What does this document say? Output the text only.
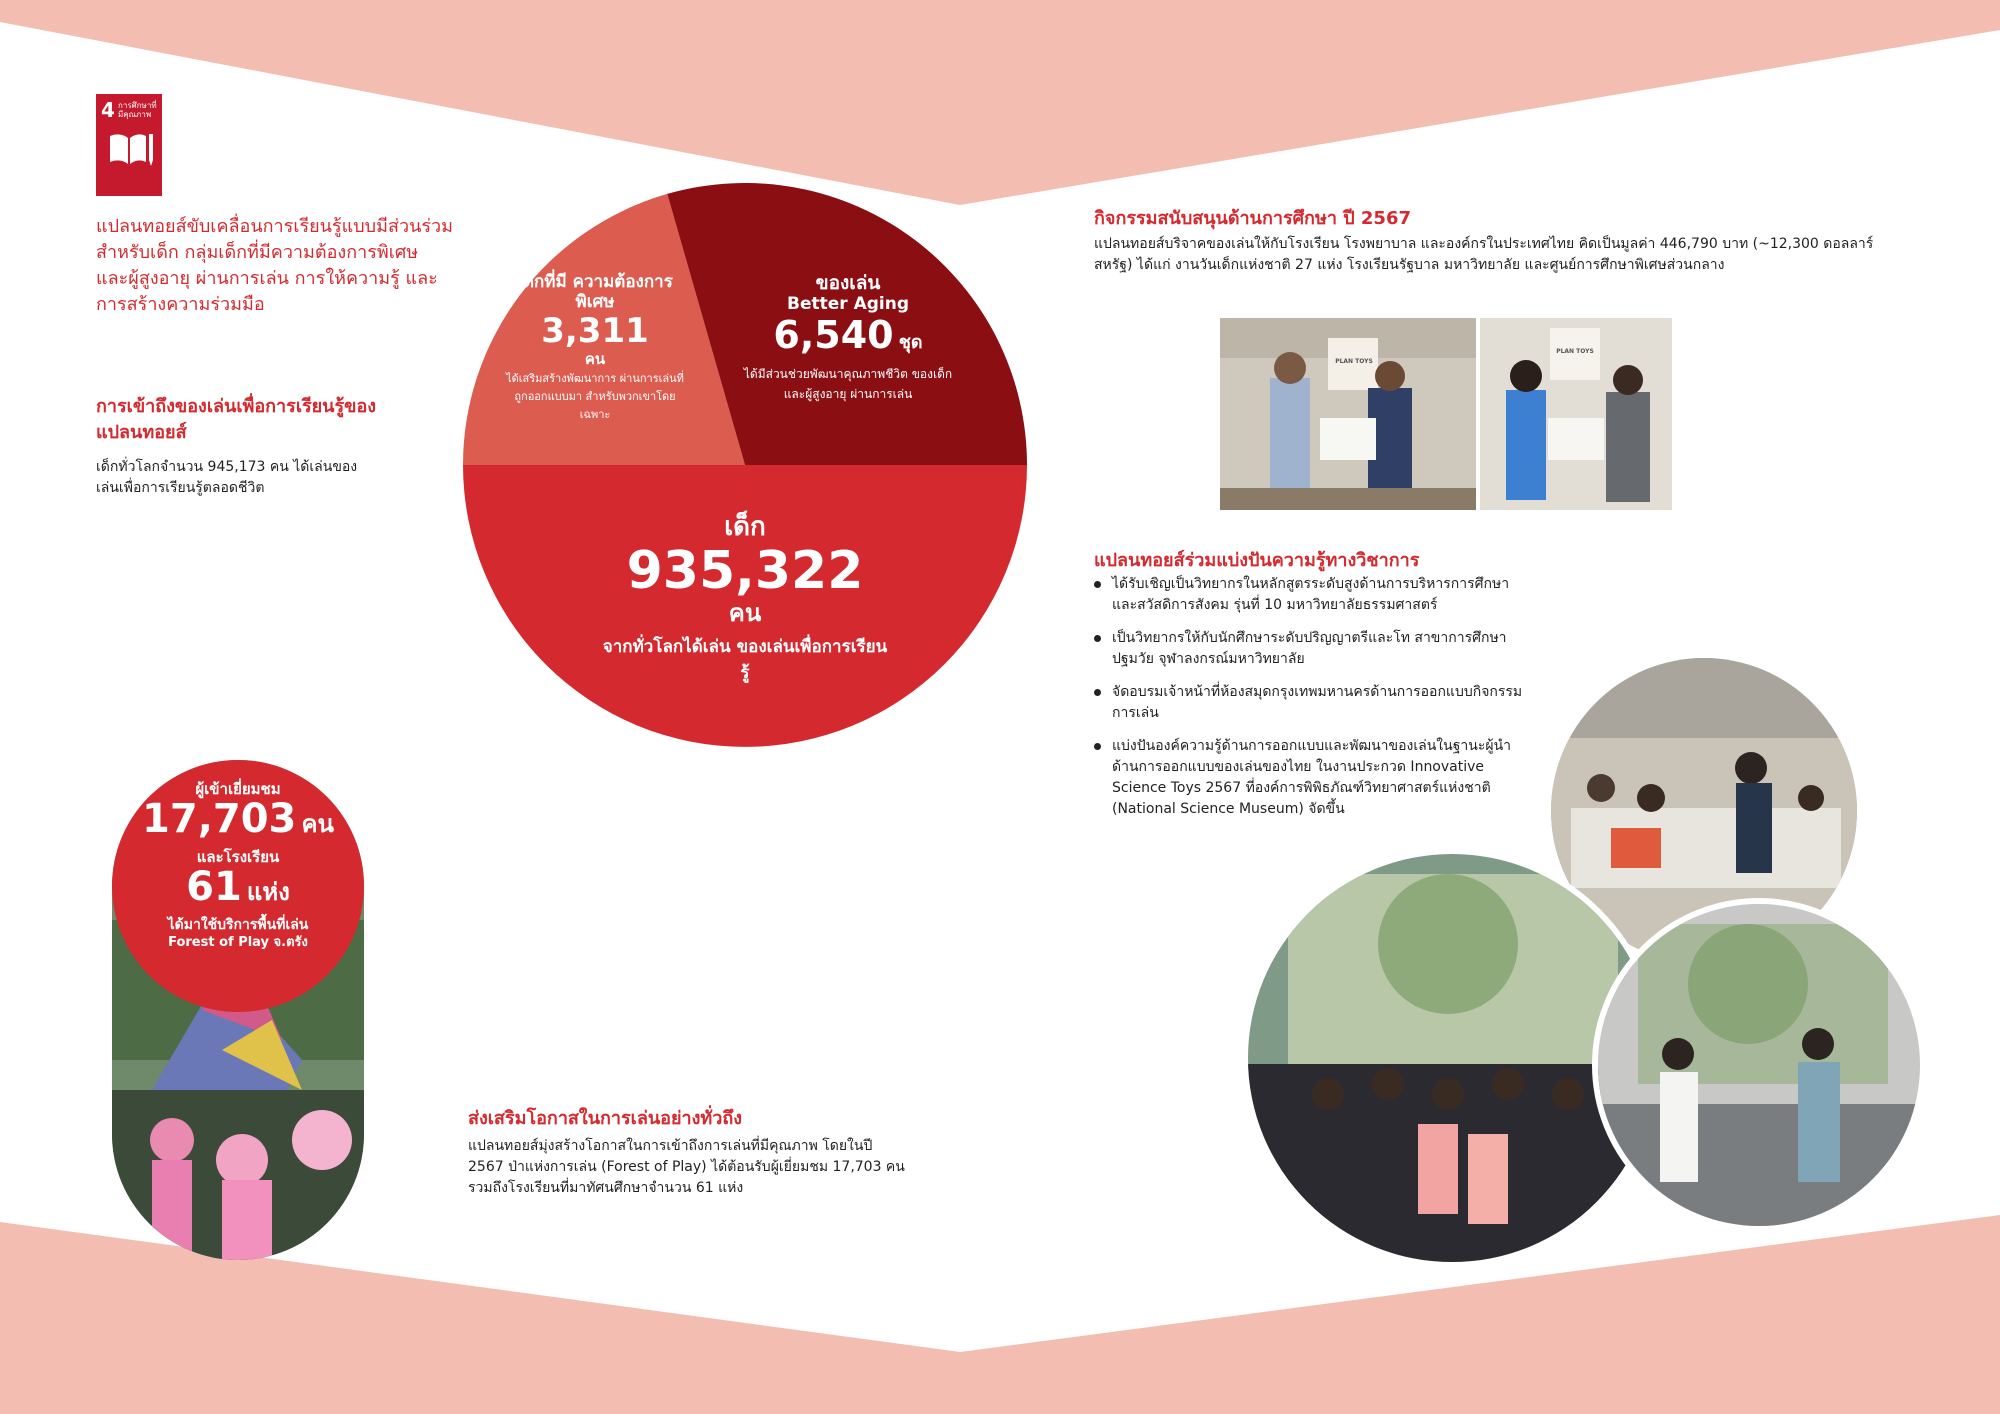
4 การศึกษาที่มีคุณภาพ
แปลนทอยส์ขับเคลื่อนการเรียนรู้แบบมีส่วนร่วม สำหรับเด็ก กลุ่มเด็กที่มีความต้องการพิเศษ และผู้สูงอายุ ผ่านการเล่น การให้ความรู้ และการสร้างความร่วมมือ
การเข้าถึงของเล่นเพื่อการเรียนรู้ของแปลนทอยส์
เด็กทั่วโลกจำนวน 945,173 คน ได้เล่นของเล่นเพื่อการเรียนรู้ตลอดชีวิต
เด็กที่มี ความต้องการพิเศษ
3,311
คน
ได้เสริมสร้างพัฒนาการ ผ่านการเล่นที่ถูกออกแบบมา สำหรับพวกเขาโดยเฉพาะ
ของเล่น
Better Aging
6,540 ชุด
ได้มีส่วนช่วยพัฒนาคุณภาพชีวิต ของเด็กและผู้สูงอายุ ผ่านการเล่น
เด็ก
935,322
คน
จากทั่วโลกได้เล่น ของเล่นเพื่อการเรียนรู้
ผู้เข้าเยี่ยมชม
17,703 คน
และโรงเรียน
61 แห่ง
ได้มาใช้บริการพื้นที่เล่น
Forest of Play จ.ตรัง
ส่งเสริมโอกาสในการเล่นอย่างทั่วถึง
แปลนทอยส์มุ่งสร้างโอกาสในการเข้าถึงการเล่นที่มีคุณภาพ โดยในปี 2567 ป่าแห่งการเล่น (Forest of Play) ได้ต้อนรับผู้เยี่ยมชม 17,703 คน รวมถึงโรงเรียนที่มาทัศนศึกษาจำนวน 61 แห่ง
กิจกรรมสนับสนุนด้านการศึกษา ปี 2567
แปลนทอยส์บริจาคของเล่นให้กับโรงเรียน โรงพยาบาล และองค์กรในประเทศไทย คิดเป็นมูลค่า 446,790 บาท (~12,300 ดอลลาร์สหรัฐ) ได้แก่ งานวันเด็กแห่งชาติ 27 แห่ง โรงเรียนรัฐบาล มหาวิทยาลัย และศูนย์การศึกษาพิเศษส่วนกลาง
PLAN TOYS
PLAN TOYS
แปลนทอยส์ร่วมแบ่งปันความรู้ทางวิชาการ
ได้รับเชิญเป็นวิทยากรในหลักสูตรระดับสูงด้านการบริหารการศึกษา และสวัสดิการสังคม รุ่นที่ 10 มหาวิทยาลัยธรรมศาสตร์
เป็นวิทยากรให้กับนักศึกษาระดับปริญญาตรีและโท สาขาการศึกษาปฐมวัย จุฬาลงกรณ์มหาวิทยาลัย
จัดอบรมเจ้าหน้าที่ห้องสมุดกรุงเทพมหานครด้านการออกแบบกิจกรรมการเล่น
แบ่งปันองค์ความรู้ด้านการออกแบบและพัฒนาของเล่นในฐานะผู้นำด้านการออกแบบของเล่นของไทย ในงานประกวด Innovative Science Toys 2567 ที่องค์การพิพิธภัณฑ์วิทยาศาสตร์แห่งชาติ (National Science Museum) จัดขึ้น
